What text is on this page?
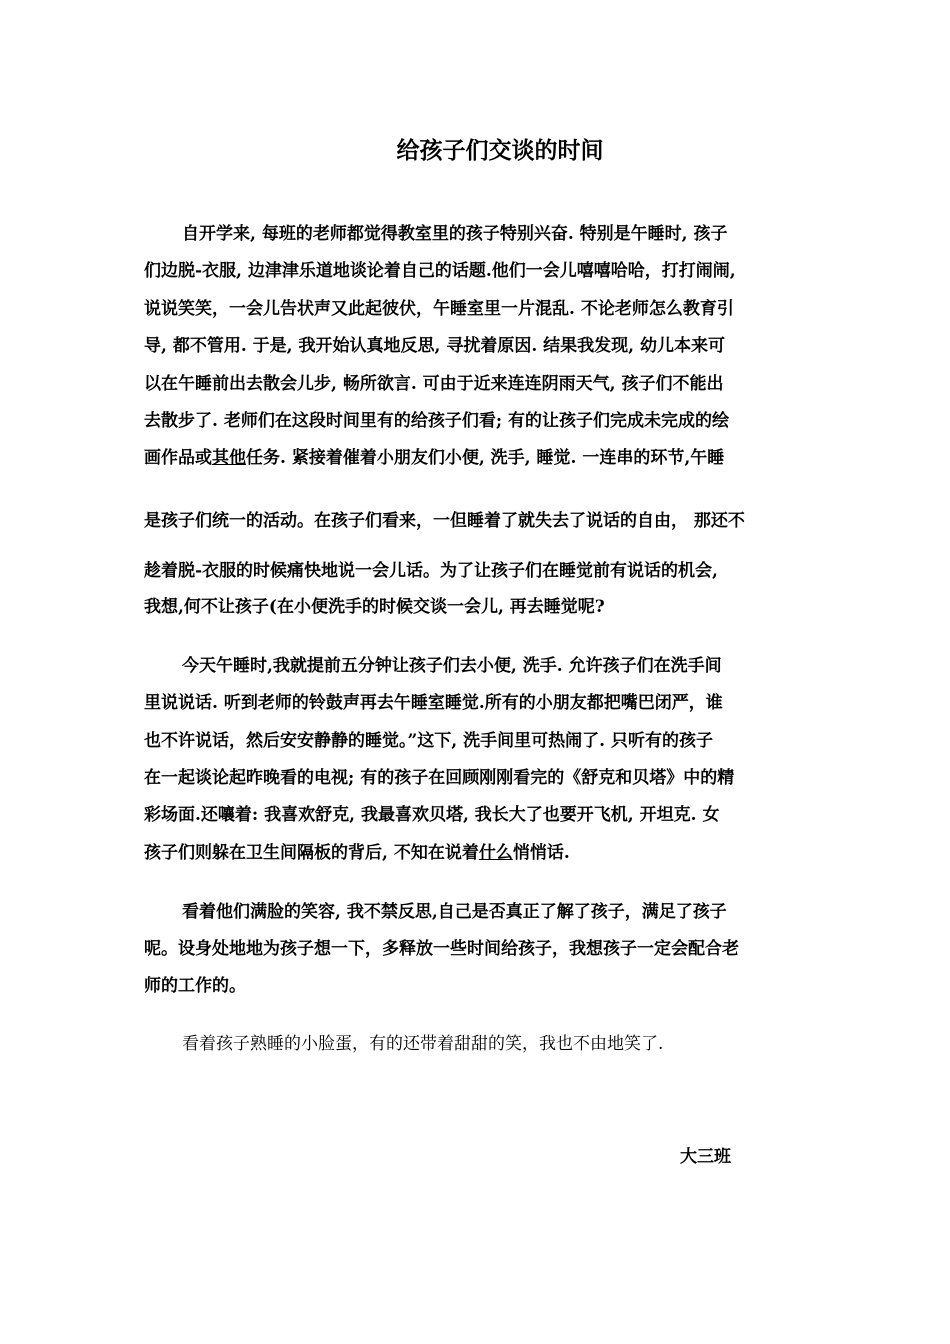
给孩子们交谈的时间

自开学来, 每班的老师都觉得教室里的孩子特别兴奋. 特别是午睡时, 孩子

们边脱-衣服, 边津津乐道地谈论着自己的话题.他们一会儿嘻嘻哈哈，打打闹闹,

说说笑笑，一会儿告状声又此起彼伏，午睡室里一片混乱. 不论老师怎么教育引

导, 都不管用. 于是, 我开始认真地反思, 寻扰着原因. 结果我发现, 幼儿本来可

以在午睡前出去散会儿步, 畅所欲言. 可由于近来连连阴雨天气, 孩子们不能出

去散步了. 老师们在这段时间里有的给孩子们看; 有的让孩子们完成未完成的绘

画作品或其他任务. 紧接着催着小朋友们小便, 洗手, 睡觉. 一连串的环节,午睡

是孩子们统一的活动。在孩子们看来，一但睡着了就失去了说话的自由， 那还不

趁着脱-衣服的时候痛快地说一会儿话。为了让孩子们在睡觉前有说话的机会,

我想,何不让孩子(在小便洗手的时候交谈一会儿, 再去睡觉呢?

今天午睡时,我就提前五分钟让孩子们去小便, 洗手. 允许孩子们在洗手间

里说说话. 听到老师的铃鼓声再去午睡室睡觉.所有的小朋友都把嘴巴闭严，谁

也不许说话，然后安安静静的睡觉。”这下, 洗手间里可热闹了. 只听有的孩子

在一起谈论起昨晚看的电视; 有的孩子在回顾刚刚看完的《舒克和贝塔》中的精

彩场面.还嚷着: 我喜欢舒克, 我最喜欢贝塔, 我长大了也要开飞机, 开坦克. 女

孩子们则躲在卫生间隔板的背后, 不知在说着什么悄悄话.

看着他们满脸的笑容, 我不禁反思,自己是否真正了解了孩子，满足了孩子

呢。设身处地地为孩子想一下，多释放一些时间给孩子，我想孩子一定会配合老

师的工作的。

看着孩子熟睡的小脸蛋，有的还带着甜甜的笑，我也不由地笑了.

大三班
